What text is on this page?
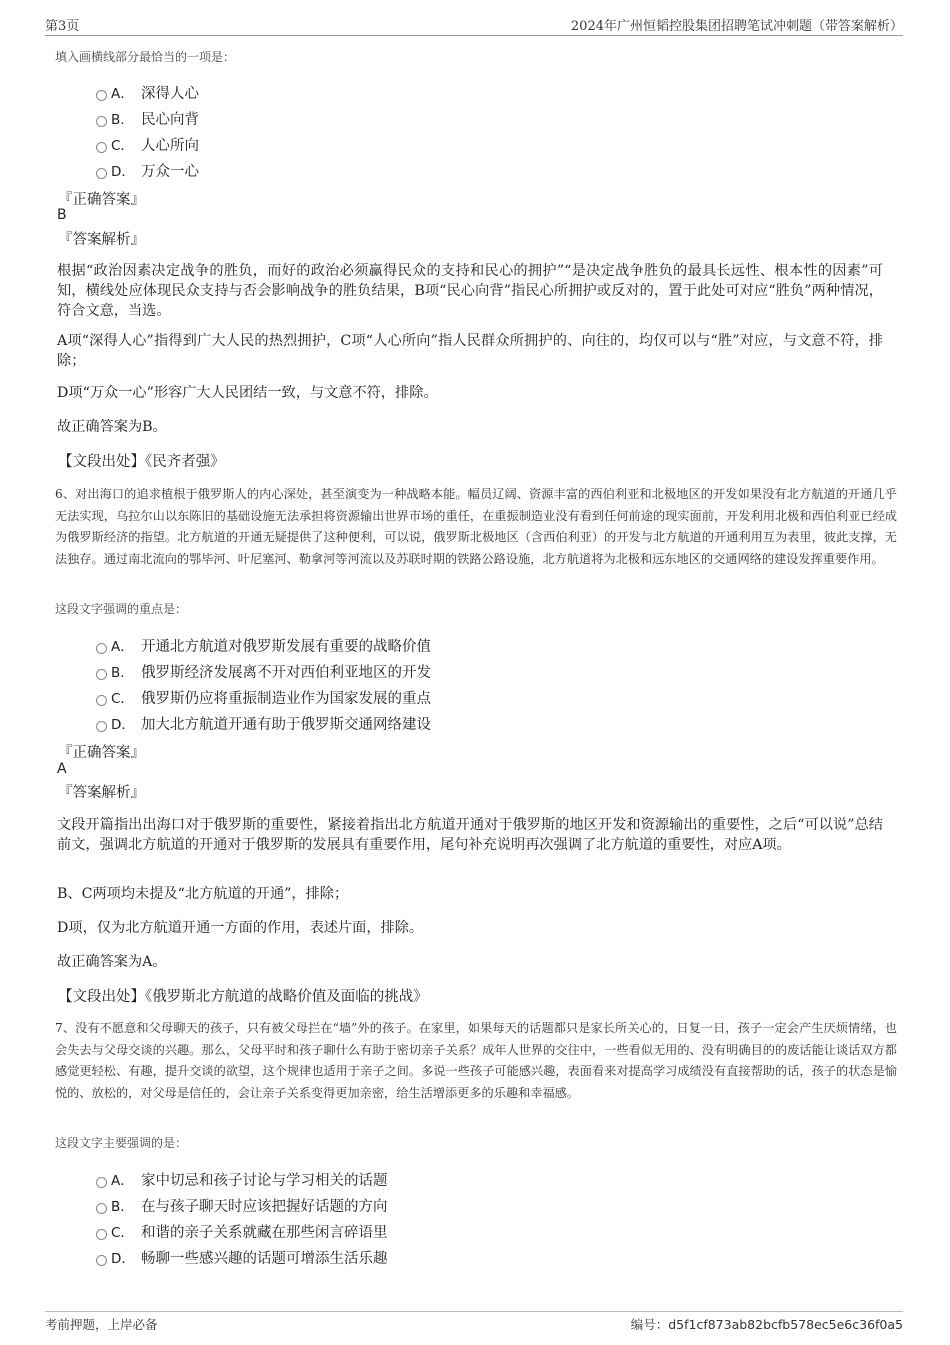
第3页	2024年广州恒韬控股集团招聘笔试冲刺题（带答案解析）
填入画横线部分最恰当的一项是：
A． 深得人心
B. 民心向背
C． 人心所向
D． 万众一心
『正确答案』
B
『答案解析』
根据“政治因素决定战争的胜负，而好的政治必须赢得民众的支持和民心的拥护”“是决定战争胜负的最具长远性、根本性的因素”可知，横线处应体现民众支持与否会影响战争的胜负结果，B项“民心向背”指民心所拥护或反对的，置于此处可对应“胜负”两种情况，符合文意，当选。
A项“深得人心”指得到广大人民的热烈拥护，C项“人心所向”指人民群众所拥护的、向往的，均仅可以与“胜”对应，与文意不符，排除；
D项“万众一心”形容广大人民团结一致，与文意不符，排除。
故正确答案为B。
【文段出处】《民齐者强》
6、对出海口的追求植根于俄罗斯人的内心深处，甚至演变为一种战略本能。幅员辽阔、资源丰富的西伯利亚和北极地区的开发如果没有北方航道的开通几乎无法实现，乌拉尔山以东陈旧的基础设施无法承担将资源输出世界市场的重任，在重振制造业没有看到任何前途的现实面前，开发利用北极和西伯利亚已经成为俄罗斯经济的指望。北方航道的开通无疑提供了这种便利，可以说，俄罗斯北极地区（含西伯利亚）的开发与北方航道的开通利用互为表里，彼此支撑，无法独存。通过南北流向的鄂毕河、叶尼塞河、勒拿河等河流以及苏联时期的铁路公路设施，北方航道将为北极和远东地区的交通网络的建设发挥重要作用。
这段文字强调的重点是：
A． 开通北方航道对俄罗斯发展有重要的战略价值
B. 俄罗斯经济发展离不开对西伯利亚地区的开发
C． 俄罗斯仍应将重振制造业作为国家发展的重点
D． 加大北方航道开通有助于俄罗斯交通网络建设
『正确答案』
A
『答案解析』
文段开篇指出出海口对于俄罗斯的重要性，紧接着指出北方航道开通对于俄罗斯的地区开发和资源输出的重要性，之后“可以说”总结前文，强调北方航道的开通对于俄罗斯的发展具有重要作用，尾句补充说明再次强调了北方航道的重要性，对应A项。
B、C两项均未提及“北方航道的开通”，排除；
D项，仅为北方航道开通一方面的作用，表述片面，排除。
故正确答案为A。
【文段出处】《俄罗斯北方航道的战略价值及面临的挑战》
7、没有不愿意和父母聊天的孩子，只有被父母拦在“墙”外的孩子。在家里，如果每天的话题都只是家长所关心的，日复一日，孩子一定会产生厌烦情绪，也会失去与父母交谈的兴趣。那么，父母平时和孩子聊什么有助于密切亲子关系？成年人世界的交往中，一些看似无用的、没有明确目的的废话能让谈话双方都感觉更轻松、有趣，提升交谈的欲望，这个规律也适用于亲子之间。多说一些孩子可能感兴趣，表面看来对提高学习成绩没有直接帮助的话，孩子的状态是愉悦的、放松的，对父母是信任的，会让亲子关系变得更加亲密，给生活增添更多的乐趣和幸福感。
这段文字主要强调的是：
A． 家中切忌和孩子讨论与学习相关的话题
B. 在与孩子聊天时应该把握好话题的方向
C． 和谐的亲子关系就藏在那些闲言碎语里
D． 畅聊一些感兴趣的话题可增添生活乐趣
考前押题，上岸必备	编号：d5f1cf873ab82bcfb578ec5e6c36f0a5
